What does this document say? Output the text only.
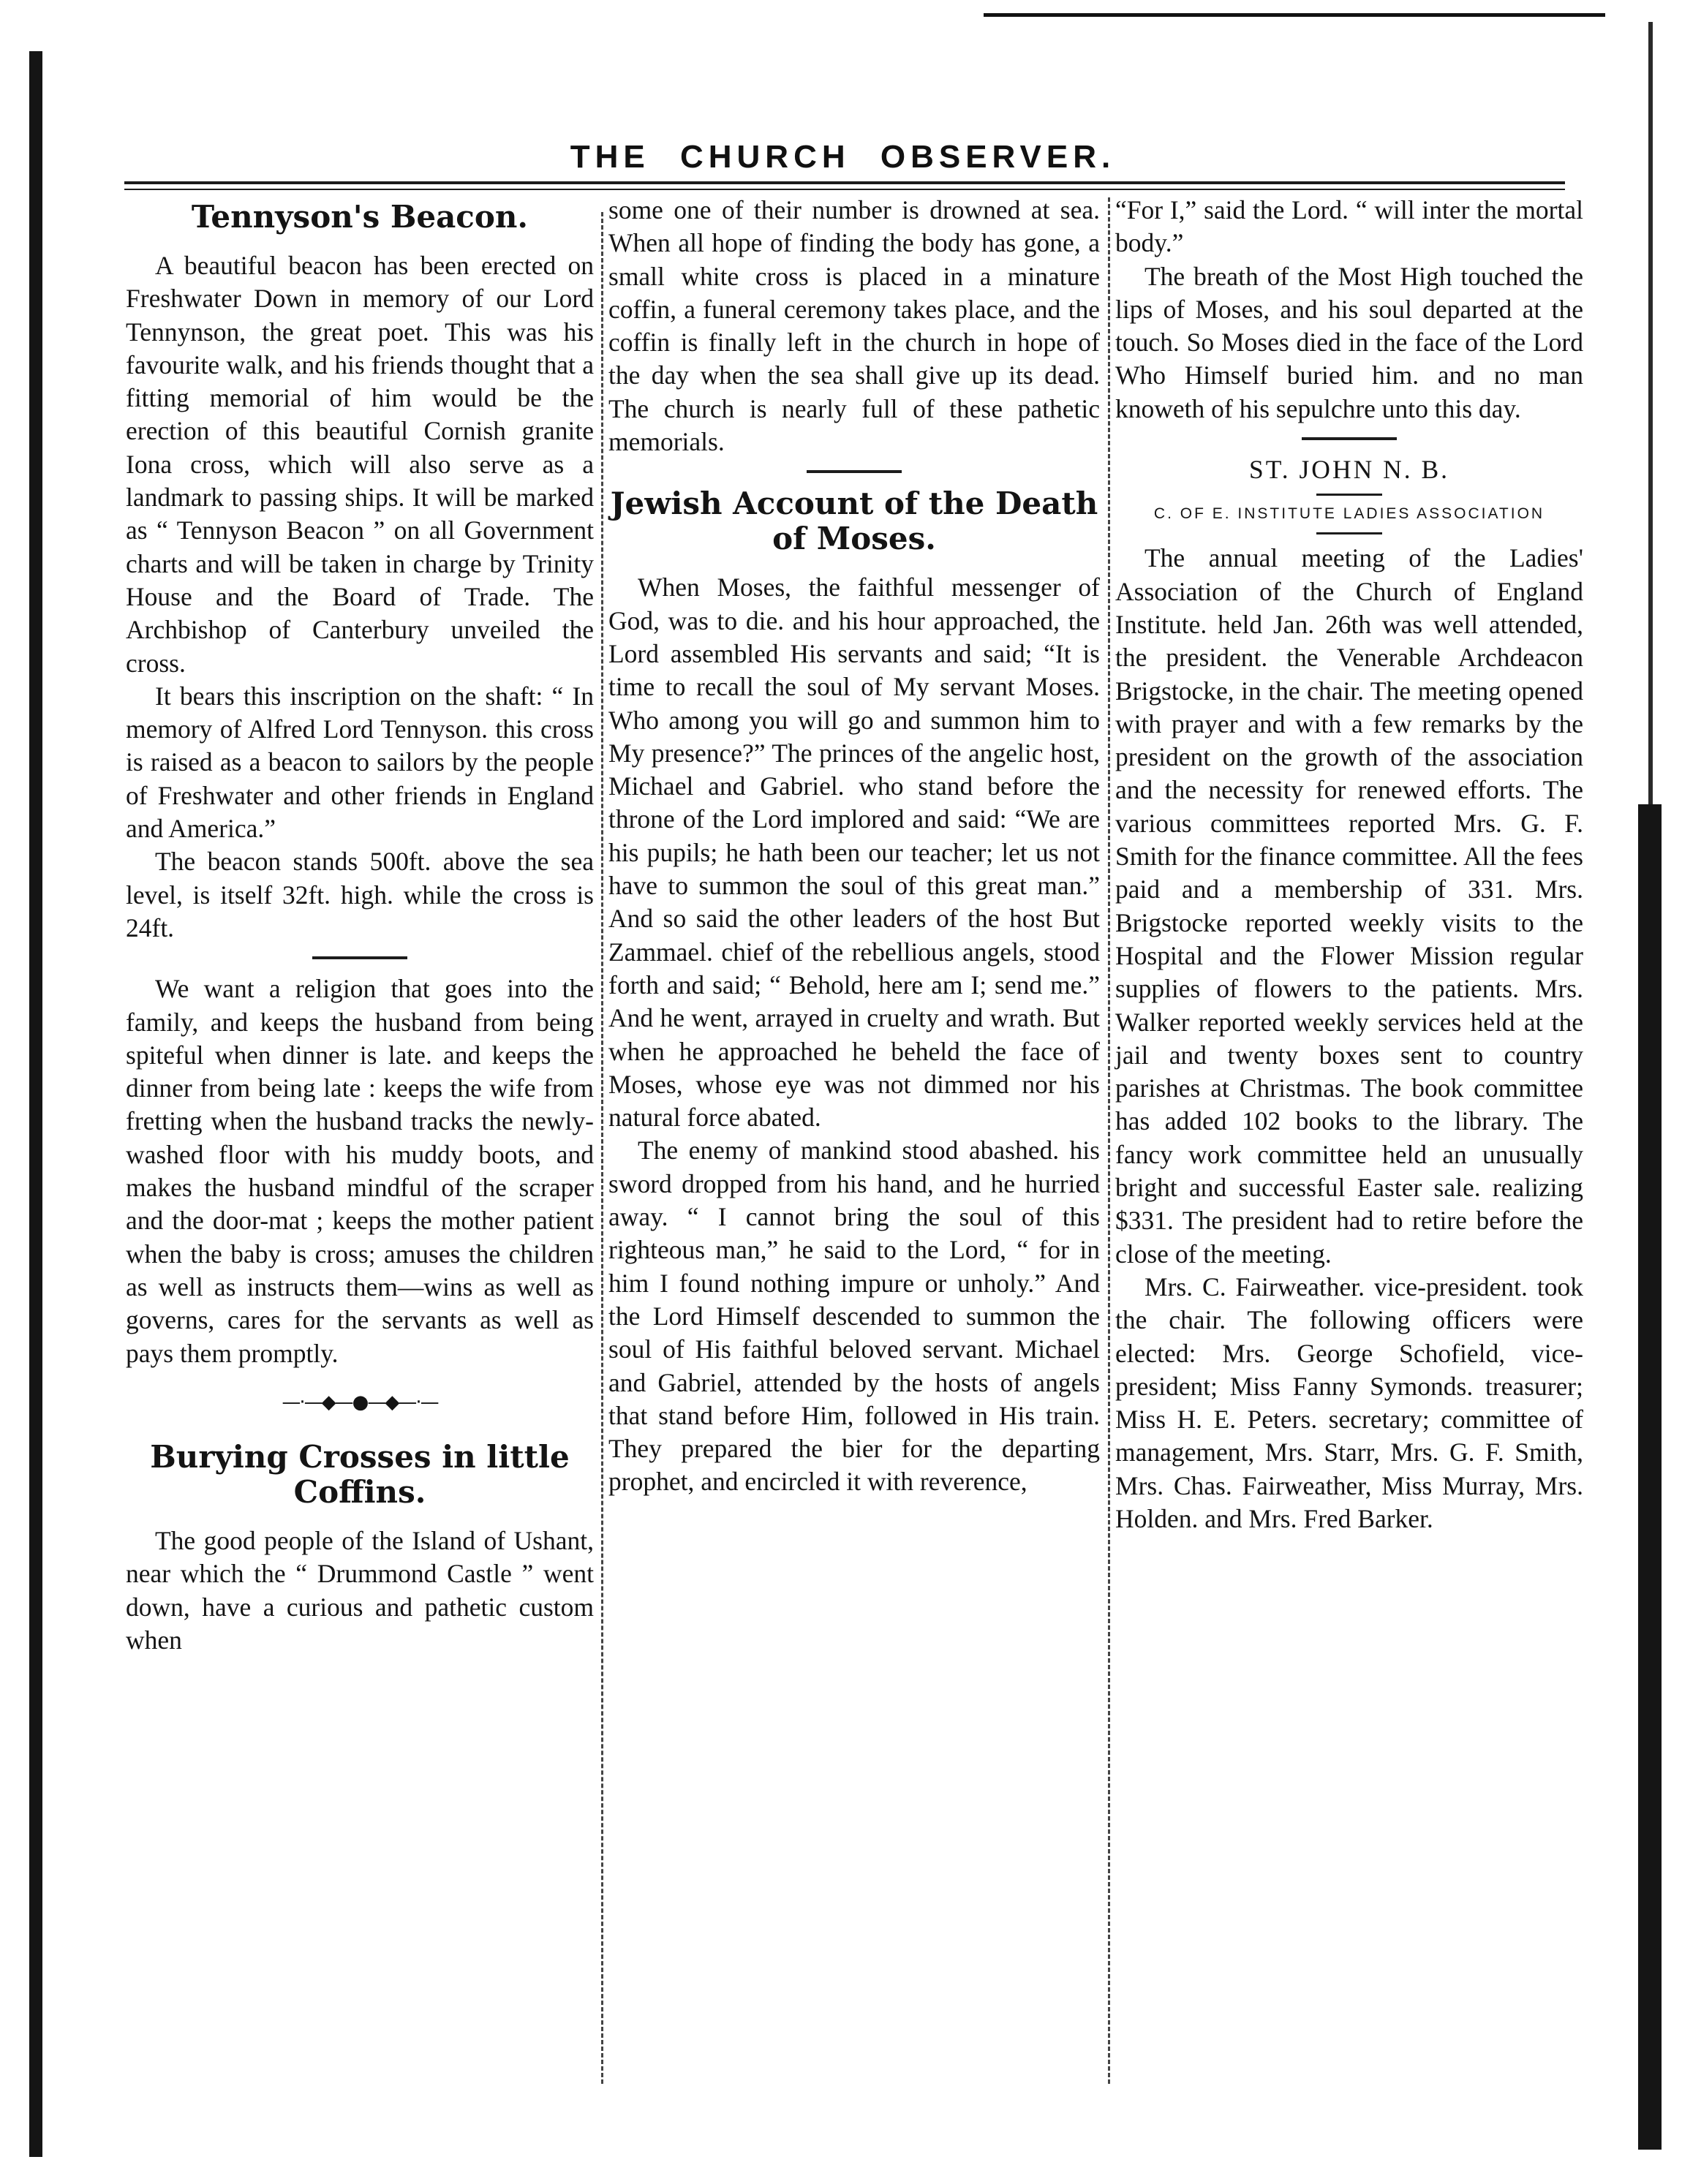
THE CHURCH OBSERVER.
Tennyson's Beacon.

A beautiful beacon has been erected on Freshwater Down in memory of our Lord Tennynson, the great poet. This was his favourite walk, and his friends thought that a fitting memorial of him would be the erection of this beautiful Cornish granite Iona cross, which will also serve as a landmark to passing ships. It will be marked as “ Tennyson Beacon ” on all Government charts and will be taken in charge by Trinity House and the Board of Trade. The Archbishop of Canterbury unveiled the cross.

It bears this inscription on the shaft: “ In memory of Alfred Lord Tennyson. this cross is raised as a beacon to sailors by the people of Freshwater and other friends in England and America.”

The beacon stands 500ft. above the sea level, is itself 32ft. high. while the cross is 24ft.

We want a religion that goes into the family, and keeps the husband from being spiteful when dinner is late. and keeps the dinner from being late : keeps the wife from fretting when the husband tracks the newly-washed floor with his muddy boots, and makes the husband mindful of the scraper and the door-mat ; keeps the mother patient when the baby is cross; amuses the children as well as instructs them—wins as well as governs, cares for the servants as well as pays them promptly.

—·—◆—●—◆—·—
Burying Crosses in little Coffins.

The good people of the Island of Ushant, near which the “ Drummond Castle ” went down, have a curious and pathetic custom when

some one of their number is drowned at sea. When all hope of finding the body has gone, a small white cross is placed in a minature coffin, a funeral ceremony takes place, and the coffin is finally left in the church in hope of the day when the sea shall give up its dead. The church is nearly full of these pathetic memorials.

Jewish Account of the Death of Moses.

When Moses, the faithful messenger of God, was to die. and his hour approached, the Lord assembled His servants and said; “It is time to recall the soul of My servant Moses. Who among you will go and summon him to My presence?” The princes of the angelic host, Michael and Gabriel. who stand before the throne of the Lord implored and said: “We are his pupils; he hath been our teacher; let us not have to summon the soul of this great man.” And so said the other leaders of the host But Zammael. chief of the rebellious angels, stood forth and said; “ Behold, here am I; send me.” And he went, arrayed in cruelty and wrath. But when he approached he beheld the face of Moses, whose eye was not dimmed nor his natural force abated.

The enemy of mankind stood abashed. his sword dropped from his hand, and he hurried away. “ I cannot bring the soul of this righteous man,” he said to the Lord, “ for in him I found nothing impure or unholy.” And the Lord Himself descended to summon the soul of His faithful beloved servant. Michael and Gabriel, attended by the hosts of angels that stand before Him, followed in His train. They prepared the bier for the departing prophet, and encircled it with reverence,

“For I,” said the Lord. “ will inter the mortal body.”

The breath of the Most High touched the lips of Moses, and his soul departed at the touch. So Moses died in the face of the Lord Who Himself buried him. and no man knoweth of his sepulchre unto this day.

ST. JOHN N. B.
C. OF E. INSTITUTE LADIES ASSOCIATION

The annual meeting of the Ladies' Association of the Church of England Institute. held Jan. 26th was well attended, the president. the Venerable Archdeacon Brigstocke, in the chair. The meeting opened with prayer and with a few remarks by the president on the growth of the association and the necessity for renewed efforts. The various committees reported Mrs. G. F. Smith for the finance committee. All the fees paid and a membership of 331. Mrs. Brigstocke reported weekly visits to the Hospital and the Flower Mission regular supplies of flowers to the patients. Mrs. Walker reported weekly services held at the jail and twenty boxes sent to country parishes at Christmas. The book committee has added 102 books to the library. The fancy work committee held an unusually bright and successful Easter sale. realizing $331. The president had to retire before the close of the meeting.

Mrs. C. Fairweather. vice-president. took the chair. The following officers were elected: Mrs. George Schofield, vice-president; Miss Fanny Symonds. treasurer; Miss H. E. Peters. secretary; committee of management, Mrs. Starr, Mrs. G. F. Smith, Mrs. Chas. Fairweather, Miss Murray, Mrs. Holden. and Mrs. Fred Barker.
